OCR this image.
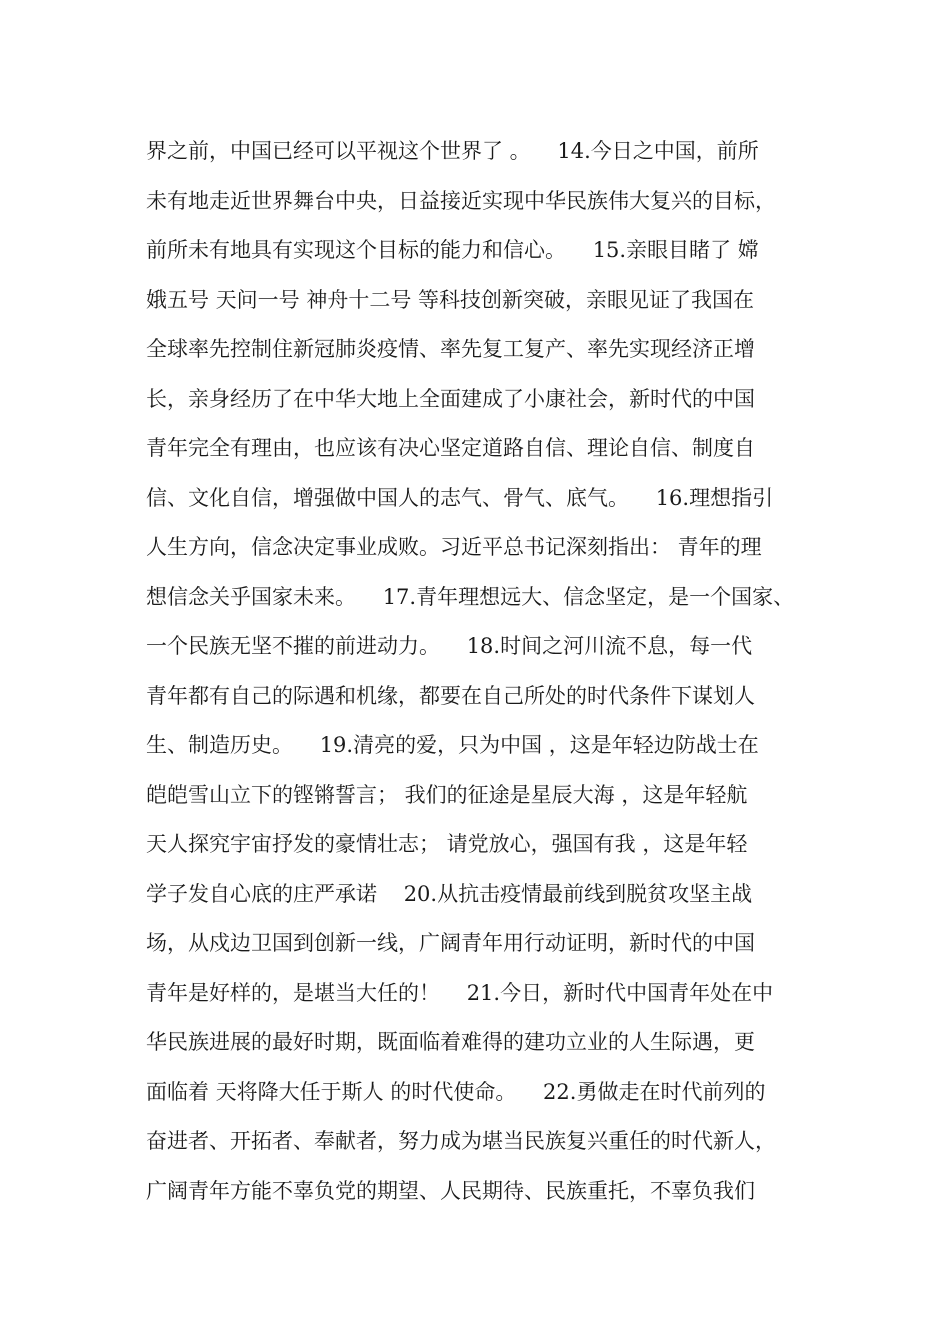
界之前，中国已经可以平视这个世界了 。    14.今日之中国，前所
未有地走近世界舞台中央，日益接近实现中华民族伟大复兴的目标，
前所未有地具有实现这个目标的能力和信心。    15.亲眼目睹了 嫦
娥五号 天问一号 神舟十二号 等科技创新突破，亲眼见证了我国在
全球率先控制住新冠肺炎疫情、率先复工复产、率先实现经济正增
长，亲身经历了在中华大地上全面建成了小康社会，新时代的中国
青年完全有理由，也应该有决心坚定道路自信、理论自信、制度自
信、文化自信，增强做中国人的志气、骨气、底气。    16.理想指引
人生方向，信念决定事业成败。习近平总书记深刻指出： 青年的理
想信念关乎国家未来。    17.青年理想远大、信念坚定，是一个国家、
一个民族无坚不摧的前进动力。    18.时间之河川流不息，每一代
青年都有自己的际遇和机缘，都要在自己所处的时代条件下谋划人
生、制造历史。    19.清亮的爱，只为中国 ，这是年轻边防战士在
皑皑雪山立下的铿锵誓言； 我们的征途是星辰大海 ，这是年轻航
天人探究宇宙抒发的豪情壮志； 请党放心，强国有我 ，这是年轻
学子发自心底的庄严承诺    20.从抗击疫情最前线到脱贫攻坚主战
场，从戍边卫国到创新一线，广阔青年用行动证明，新时代的中国
青年是好样的，是堪当大任的！    21.今日，新时代中国青年处在中
华民族进展的最好时期，既面临着难得的建功立业的人生际遇，更
面临着 天将降大任于斯人 的时代使命。    22.勇做走在时代前列的
奋进者、开拓者、奉献者，努力成为堪当民族复兴重任的时代新人，
广阔青年方能不辜负党的期望、人民期待、民族重托，不辜负我们
